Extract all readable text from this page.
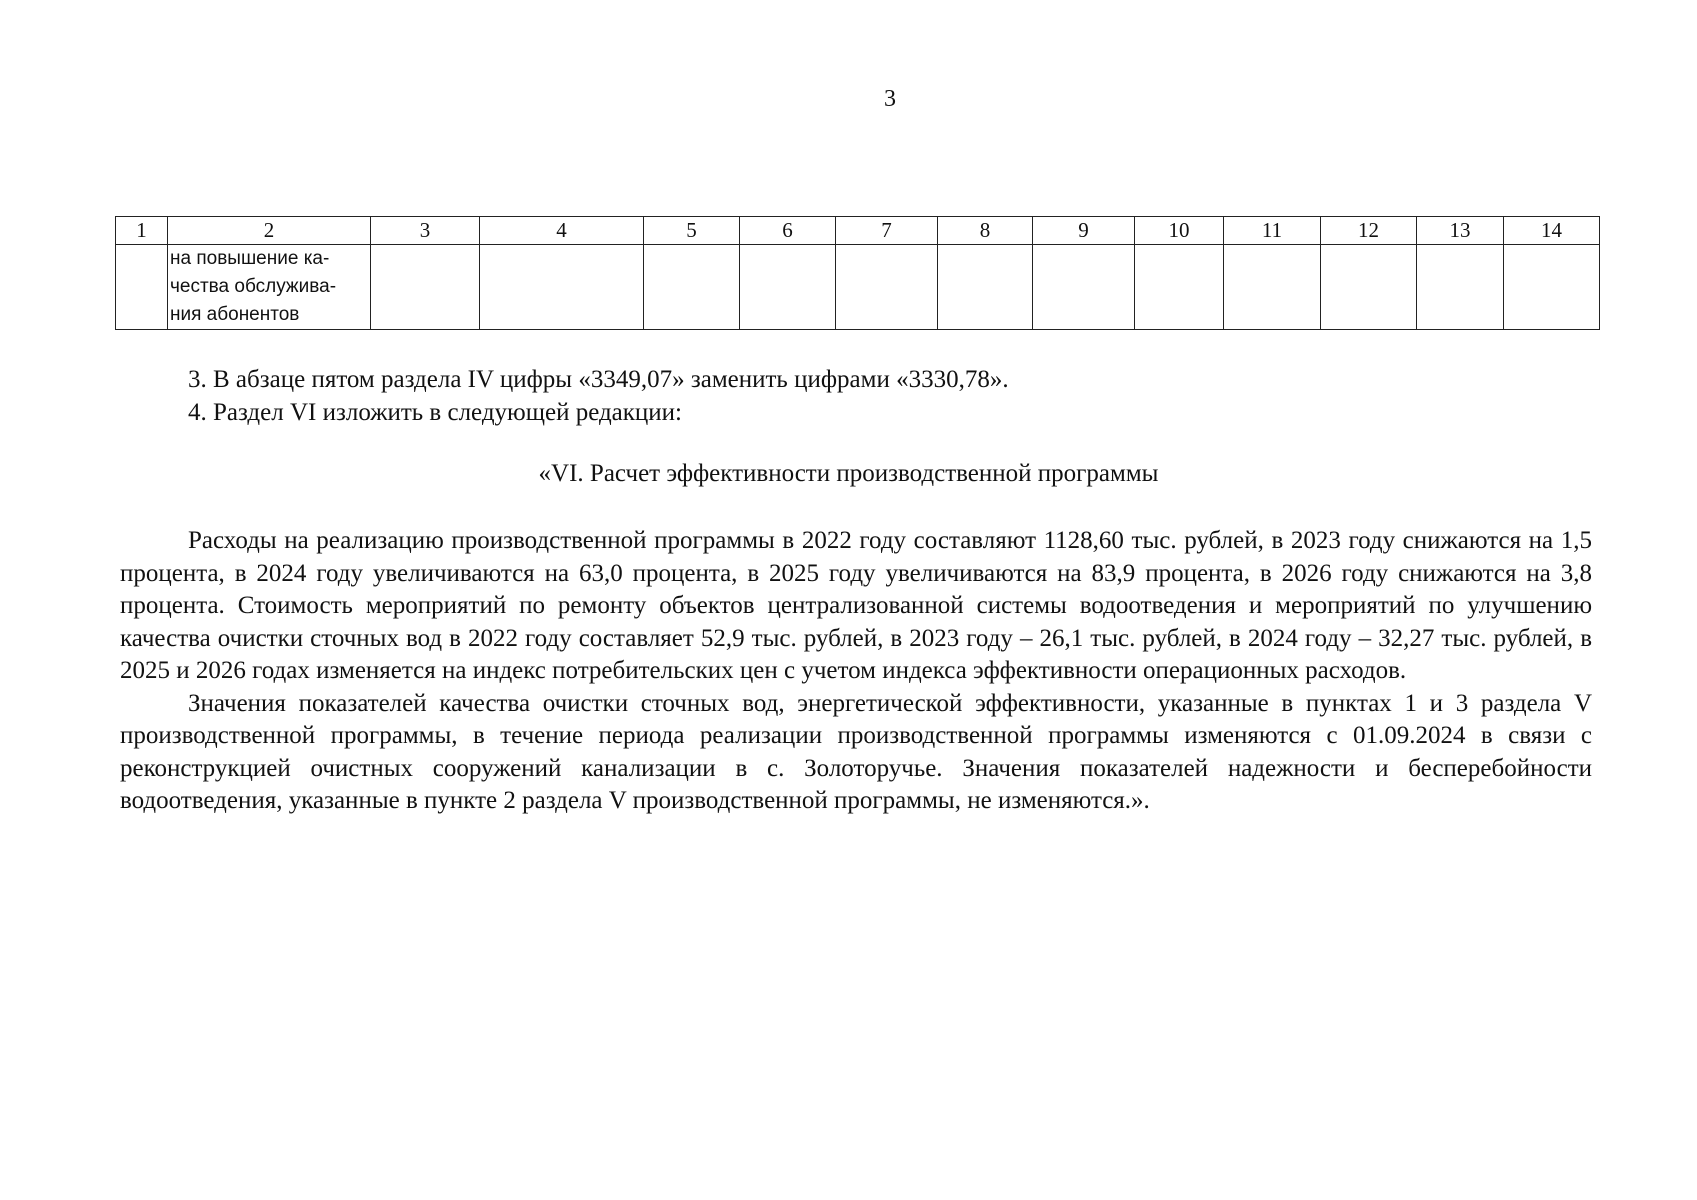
3
1	2	3	4	5	6	7	8	9	10	11	12	13	14

	на повышение ка-
чества обслужива-
ния абонентов												

3. В абзаце пятом раздела IV цифры «3349,07» заменить цифрами «3330,78».

4. Раздел VI изложить в следующей редакции:

«VI. Расчет эффективности производственной программы

Расходы на реализацию производственной программы в 2022 году составляют 1128,60 тыс. рублей, в 2023 году снижаются на 1,5 процента, в 2024 году увеличиваются на 63,0 процента, в 2025 году увеличиваются на 83,9 процента, в 2026 году снижаются на 3,8 процента. Стоимость мероприятий по ремонту объектов централизованной системы водоотведения и мероприятий по улучшению качества очистки сточных вод в 2022 году составляет 52,9 тыс. рублей, в 2023 году – 26,1 тыс. рублей, в 2024 году – 32,27 тыс. рублей, в 2025 и 2026 годах изменяется на индекс потребительских цен с учетом индекса эффективности операционных расходов.

Значения показателей качества очистки сточных вод, энергетической эффективности, указанные в пунктах 1 и 3 раздела V производственной программы, в течение периода реализации производственной программы изменяются с 01.09.2024 в связи с реконструкцией очистных сооружений канализации в с. Золоторучье. Значения показателей надежности и бесперебойности водоотведения, указанные в пункте 2 раздела V производственной программы, не изменяются.».
